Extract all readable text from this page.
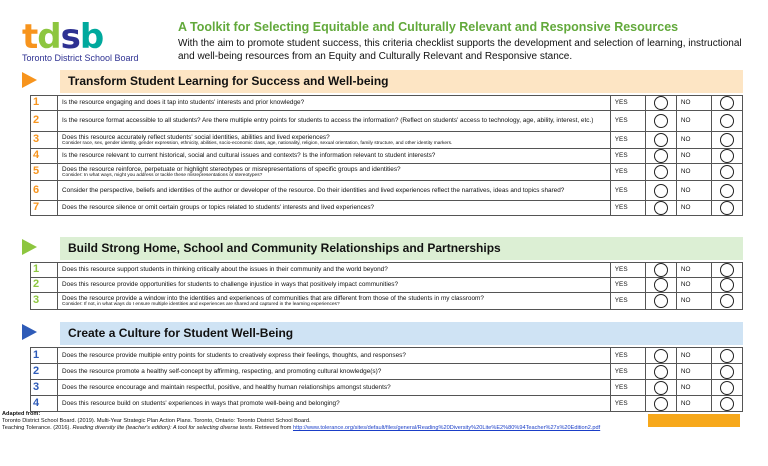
tdsb
Toronto District School Board
A Toolkit for Selecting Equitable and Culturally Relevant and Responsive Resources
With the aim to promote student success, this criteria checklist supports the development and selection of learning, instructional and well-being resources from an Equity and Culturally Relevant and Responsive stance.
Transform Student Learning for Success and Well-being
1	Is the resource engaging and does it tap into students' interests and prior knowledge?	YES		NO	
2	Is the resource format accessible to all students? Are there multiple entry points for students to access the information? (Reflect on students' access to technology, age, ability, interest, etc.)	YES		NO	
3	Does this resource accurately reflect students' social identities, abilities and lived experiences?
Consider race, sex, gender identity, gender expression, ethnicity, abilities, socio-economic class, age, nationality, religion, sexual orientation, family structure, and other identity markers.	YES		NO	
4	Is the resource relevant to current historical, social and cultural issues and contexts? Is the information relevant to student interests?	YES		NO	
5	Does the resource reinforce, perpetuate or highlight stereotypes or misrepresentations of specific groups and identities?
Consider: In what ways, might you address or tackle these misrepresentations or stereotypes?	YES		NO	
6	Consider the perspective, beliefs and identities of the author or developer of the resource. Do their identities and lived experiences reflect the narratives, ideas and topics shared?	YES		NO	
7	Does the resource silence or omit certain groups or topics related to students' interests and lived experiences?	YES		NO	
Build Strong Home, School and Community Relationships and Partnerships
1	Does this resource support students in thinking critically about the issues in their community and the world beyond?	YES		NO	
2	Does this resource provide opportunities for students to challenge injustice in ways that positively impact communities?	YES		NO	
3	Does the resource provide a window into the identities and experiences of communities that are different from those of the students in my classroom?
Consider: If not, in what ways do I ensure multiple identities and experiences are shared and captured in the learning experiences?	YES		NO	
Create a Culture for Student Well-Being
1	Does the resource provide multiple entry points for students to creatively express their feelings, thoughts, and responses?	YES		NO	
2	Does the resource promote a healthy self-concept by affirming, respecting, and promoting cultural knowledge(s)?	YES		NO	
3	Does the resource encourage and maintain respectful, positive, and healthy human relationships amongst students?	YES		NO	
4	Does this resource build on students' experiences in ways that promote well-being and belonging?	YES		NO	
Adapted from:
Toronto District School Board. (2019). Multi-Year Strategic Plan Action Plans. Toronto, Ontario: Toronto District School Board.
Teaching Tolerance. (2016). Reading diversity lite (teacher's edition): A tool for selecting diverse texts. Retrieved from http://www.tolerance.org/sites/default/files/general/Reading%20Diversity%20Lite%E2%80%94Teacher%27s%20Edition2.pdf
